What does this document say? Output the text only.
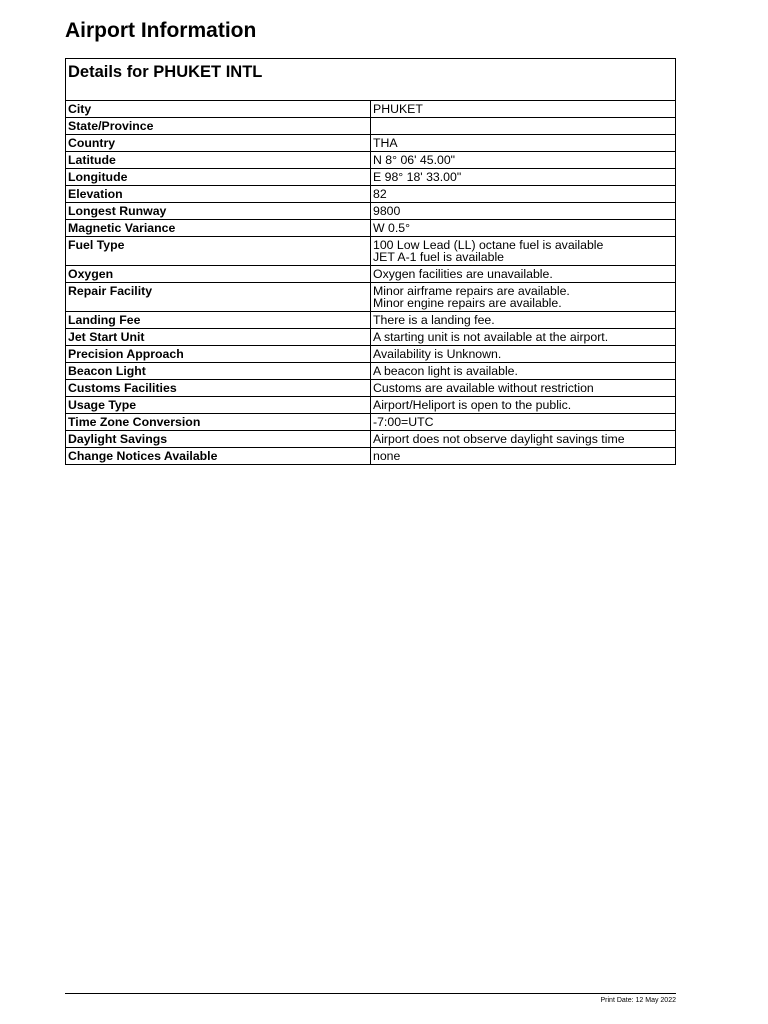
Airport Information
Details for PHUKET INTL	
City	PHUKET

State/Province	

Country	THA

Latitude	N 8° 06' 45.00"

Longitude	E 98° 18' 33.00"

Elevation	82

Longest Runway	9800

Magnetic Variance	W 0.5°

Fuel Type	100 Low Lead (LL) octane fuel is available
JET A-1 fuel is available

Oxygen	Oxygen facilities are unavailable.

Repair Facility	Minor airframe repairs are available.
Minor engine repairs are available.

Landing Fee	There is a landing fee.

Jet Start Unit	A starting unit is not available at the airport.

Precision Approach	Availability is Unknown.

Beacon Light	A beacon light is available.

Customs Facilities	Customs are available without restriction

Usage Type	Airport/Heliport is open to the public.

Time Zone Conversion	-7:00=UTC

Daylight Savings	Airport does not observe daylight savings time

Change Notices Available	none
Print Date: 12 May 2022
